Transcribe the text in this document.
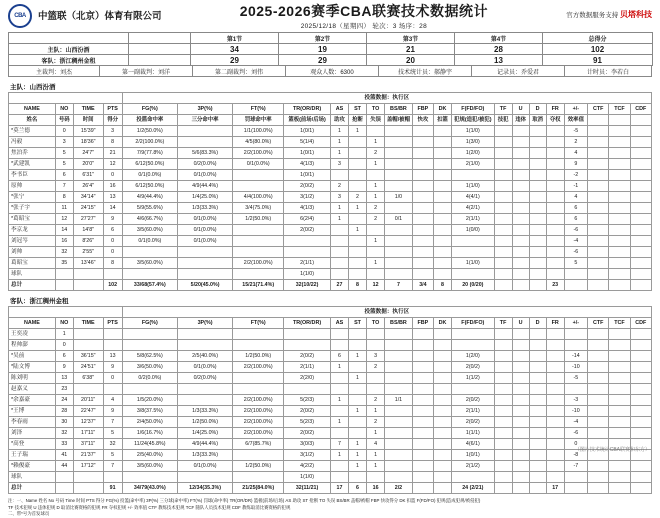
CBA	中篮联（北京）体育有限公司	2025-2026赛季CBA联赛技术数据统计
2025/12/18（星期四） 轮次：3 场序：28
官方数据服务支持 贝塔科技
		第1节	第2节	第3节	第4节	总得分
主队：山西汾酒		34	19	21	28	102
客队：浙江稠州金租		29	29	20	13	91
主裁判：刘杰	第一副裁判：刘洋	第二副裁判：刘伟	观众人数：6300	技术统计员：郝静宇	记录员：乔爱君	计时员：李若白
主队：山西汾酒
				投篮数据：执行区																		
NAME	NO	TIME	PTS	FG(%)	3P(%)	FT(%)	TR(OR/DR)	AS	ST	TO	BS/BR	FBP	DK	F(FD/FO)	TF	U	D	FR	+/-	CTF	TCF	CDF
姓名	号码	时间	得分	投篮命中率	三分命中率	罚球命中率	篮板(前场/后场)	助攻	抢断	失误	盖帽/被帽	快攻	扣篮	犯规(造犯/被犯)	技犯	违体	取消	夺权	效率值			
*莫兰德	0	15'39"	3	1/2(50.0%)		1/1(100.0%)	1(0/1)	1	1					1(1/0)					-5			
冯毅	3	18'36"	8	2/2(100.0%)		4/5(80.0%)	5(1/4)	1		1				1(3/0)					2			
焦泊乔	5	24'7"	21	7/9(77.8%)	5/6(83.3%)	2/2(100.0%)	1(0/1)	1		2				1(2/0)					4			
*武建凯	5	20'0"	12	6/12(50.0%)	0/2(0.0%)	0/1(0.0%)	4(1/3)	3		1				2(1/0)					9			
李书臣	6	6'31"	0	0/1(0.0%)	0/1(0.0%)		1(0/1)												-2			
原帅	7	26'4"	16	6/12(50.0%)	4/9(44.4%)		2(0/2)	2		1				1(1/0)					-1			
*张宁	8	34'14"	13	4/9(44.4%)	1/4(25.0%)	4/4(100.0%)	3(1/2)	3	2	1	1/0			4(4/1)					4			
*张子宇	11	24'15"	14	5/9(55.6%)	1/3(33.3%)	3/4(75.0%)	4(1/3)	1	1	2				4(2/1)					6			
*葛昭宝	12	27'27"	9	4/6(66.7%)	0/1(0.0%)	1/2(50.0%)	6(2/4)	1		2	0/1			2(1/1)					6			
李京龙	14	14'8"	6	3/5(60.0%)	0/1(0.0%)		2(0/2)		1					1(0/0)					-6			
刘冠岑	16	8'26"	0	0/1(0.0%)	0/1(0.0%)					1									-4			
刘帅	32	2'55"	0																-6			
葛昭宝	35	13'46"	8	3/5(60.0%)		2/2(100.0%)	2(1/1)			1				1(1/0)					5			
球队							1(1/0)															
总计			102	33/68(57.4%)	5/20(45.0%)	15/21(71.4%)	32(10/22)	27	8	12	7	3/4	8	20 (0/20)				23				
客队：浙江稠州金租
				投篮数据：执行区																		
NAME	NO	TIME	PTS	FG(%)	3P(%)	FT(%)	TR(OR/DR)	AS	ST	TO	BS/BR	FBP	DK	F(FD/FO)	TF	U	D	FR	+/-	CTF	TCF	CDF
王奕凌	1																					
程帅澎	0																					
*吴前	6	36'15"	13	5/8(62.5%)	2/5(40.0%)	1/2(50.0%)	2(0/2)	6	1	3				1(2/0)					-14			
*陆文博	9	24'51"	9	3/6(50.0%)	0/1(0.0%)	2/2(100.0%)	2(1/1)	1		2				2(0/2)					-10			
陈刘明	13	6'38"	0	0/2(0.0%)	0/2(0.0%)		2(2/0)		1					1(1/2)					-5			
赵嘉义	23																					
*余嘉豪	24	20'11"	4	1/5(20.0%)		2/2(100.0%)	5(2/3)	1		2	1/1			2(0/2)					-3			
*王博	28	22'47"	9	3/8(37.5%)	1/3(33.3%)	2/2(100.0%)	2(0/2)		1	1				2(1/1)					-10			
李春雨	30	12'37"	7	2/4(50.0%)	1/2(50.0%)	2/2(100.0%)	5(2/3)	1		2				2(0/2)					-4			
刘泽	32	17'11"	5	1/6(16.7%)	1/4(25.0%)	2/2(100.0%)	2(0/2)			1				1(1/1)					-6			
*高登	33	37'11"	32	11/24(45.8%)	4/9(44.4%)	6/7(85.7%)	3(0/3)	7	1	4				4(6/1)					0			
王子瑞	41	21'37"	5	2/5(40.0%)	1/3(33.3%)		3(1/2)	1	1	1				1(0/1)					-8			
*赖俊豪	44	17'12"	7	3/5(60.0%)	0/1(0.0%)	1/2(50.0%)	4(2/2)		1	1				2(1/2)					-7			
球队							1(1/0)															
总计			91	34/79(43.0%)	12/34(35.3%)	21/25(84.0%)	32(11/21)	17	6	16	2/2			24 (2/21)				17				
注：一、Name 姓名 No 号码 Time 时间 PTS 得分 FG(%) 投篮(命中率) 3P(%) 三分球(命中率) FT(%) 罚球(命中率) TR(OR/DR) 篮板(前场/后场) AS 助攻 ST 抢断 TO 失误 BS/BR 盖帽/被帽 FBP 快攻得分 DK 扣篮 F(FD/FO) 犯规(造成犯规/被侵犯)
TF 技术犯规 U 违体犯规 D 取消比赛资格的犯规 FR 夺权犯规 +/- 效率值 CTF 教练技术犯规 TCF 随队人员技术犯规 CDF 教练取消比赛资格的犯规
二、带*号为首发球员
（图片技术统计CBA联赛和东方）
